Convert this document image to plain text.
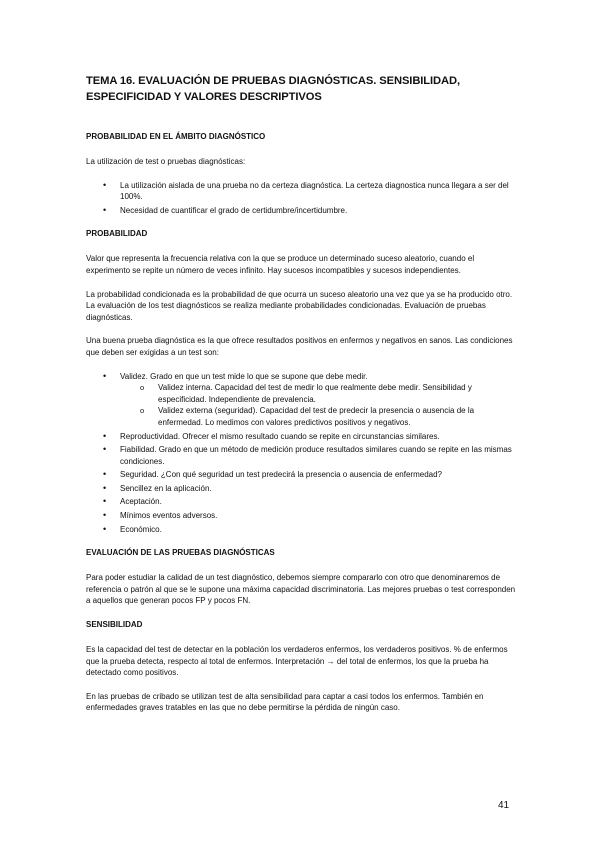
TEMA 16. EVALUACIÓN DE PRUEBAS DIAGNÓSTICAS. SENSIBILIDAD, ESPECIFICIDAD Y VALORES DESCRIPTIVOS
PROBABILIDAD EN EL ÁMBITO DIAGNÓSTICO

La utilización de test o pruebas diagnósticas:

• La utilización aislada de una prueba no da certeza diagnóstica. La certeza diagnostica nunca llegara a ser del 100%.
• Necesidad de cuantificar el grado de certidumbre/incertidumbre.
PROBABILIDAD

Valor que representa la frecuencia relativa con la que se produce un determinado suceso aleatorio, cuando el experimento se repite un número de veces infinito. Hay sucesos incompatibles y sucesos independientes.

La probabilidad condicionada es la probabilidad de que ocurra un suceso aleatorio una vez que ya se ha producido otro. La evaluación de los test diagnósticos se realiza mediante probabilidades condicionadas. Evaluación de pruebas diagnósticas.

Una buena prueba diagnóstica es la que ofrece resultados positivos en enfermos y negativos en sanos. Las condiciones que deben ser exigidas a un test son:

• Validez. Grado en que un test mide lo que se supone que debe medir.
o Validez interna. Capacidad del test de medir lo que realmente debe medir. Sensibilidad y especificidad. Independiente de prevalencia.
o Validez externa (seguridad). Capacidad del test de predecir la presencia o ausencia de la enfermedad. Lo medimos con valores predictivos positivos y negativos.
• Reproductividad. Ofrecer el mismo resultado cuando se repite en circunstancias similares.
• Fiabilidad. Grado en que un método de medición produce resultados similares cuando se repite en las mismas condiciones.
• Seguridad. ¿Con qué seguridad un test predecirá la presencia o ausencia de enfermedad?
• Sencillez en la aplicación.
• Aceptación.
• Mínimos eventos adversos.
• Económico.
EVALUACIÓN DE LAS PRUEBAS DIAGNÓSTICAS

Para poder estudiar la calidad de un test diagnóstico, debemos siempre compararlo con otro que denominaremos de referencia o patrón al que se le supone una máxima capacidad discriminatoria. Las mejores pruebas o test corresponden a aquellos que generan pocos FP y pocos FN.

SENSIBILIDAD

Es la capacidad del test de detectar en la población los verdaderos enfermos, los verdaderos positivos. % de enfermos que la prueba detecta, respecto al total de enfermos. Interpretación → del total de enfermos, los que la prueba ha detectado como positivos.

En las pruebas de cribado se utilizan test de alta sensibilidad para captar a casi todos los enfermos. También en enfermedades graves tratables en las que no debe permitirse la pérdida de ningún caso.

41
